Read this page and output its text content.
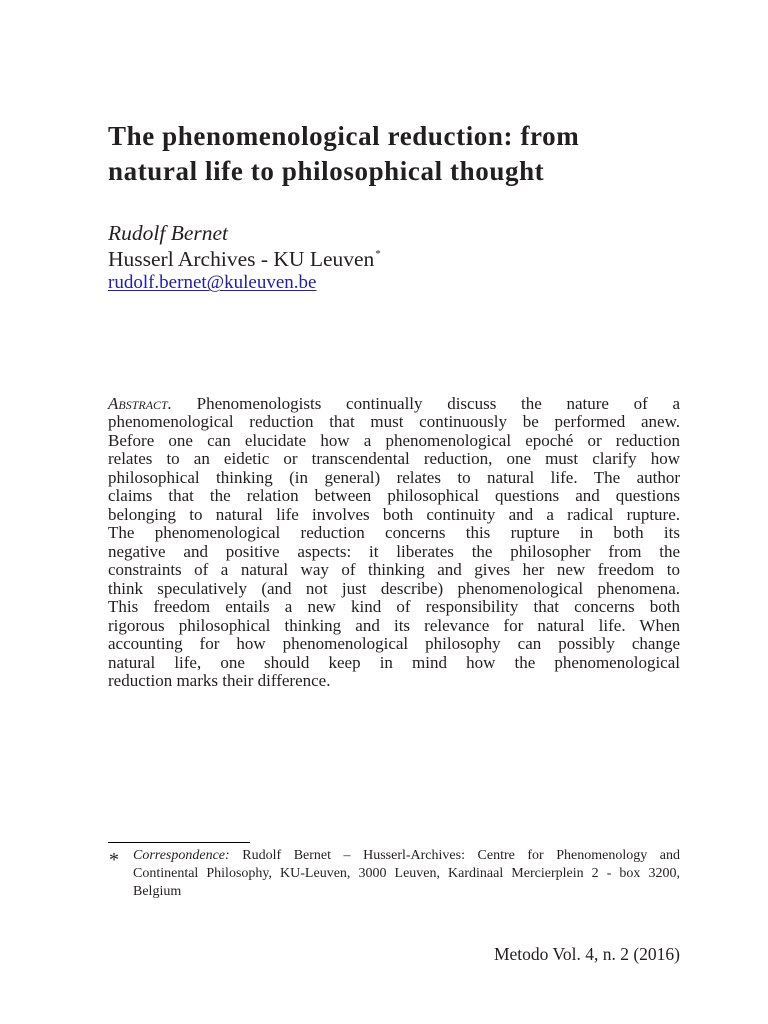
The phenomenological reduction: from
natural life to philosophical thought
Rudolf Bernet
Husserl Archives - KU Leuven*
rudolf.bernet@kuleuven.be
Abstract. Phenomenologists continually discuss the nature of a
phenomenological reduction that must continuously be performed anew.
Before one can elucidate how a phenomenological epoché or reduction
relates to an eidetic or transcendental reduction, one must clarify how
philosophical thinking (in general) relates to natural life. The author
claims that the relation between philosophical questions and questions
belonging to natural life involves both continuity and a radical rupture.
The phenomenological reduction concerns this rupture in both its
negative and positive aspects: it liberates the philosopher from the
constraints of a natural way of thinking and gives her new freedom to
think speculatively (and not just describe) phenomenological phenomena.
This freedom entails a new kind of responsibility that concerns both
rigorous philosophical thinking and its relevance for natural life. When
accounting for how phenomenological philosophy can possibly change
natural life, one should keep in mind how the phenomenological
reduction marks their difference.
* Correspondence: Rudolf Bernet – Husserl-Archives: Centre for Phenomenology and
Continental Philosophy, KU-Leuven, 3000 Leuven, Kardinaal Mercierplein 2 - box 3200,
Belgium
Metodo Vol. 4, n. 2 (2016)
